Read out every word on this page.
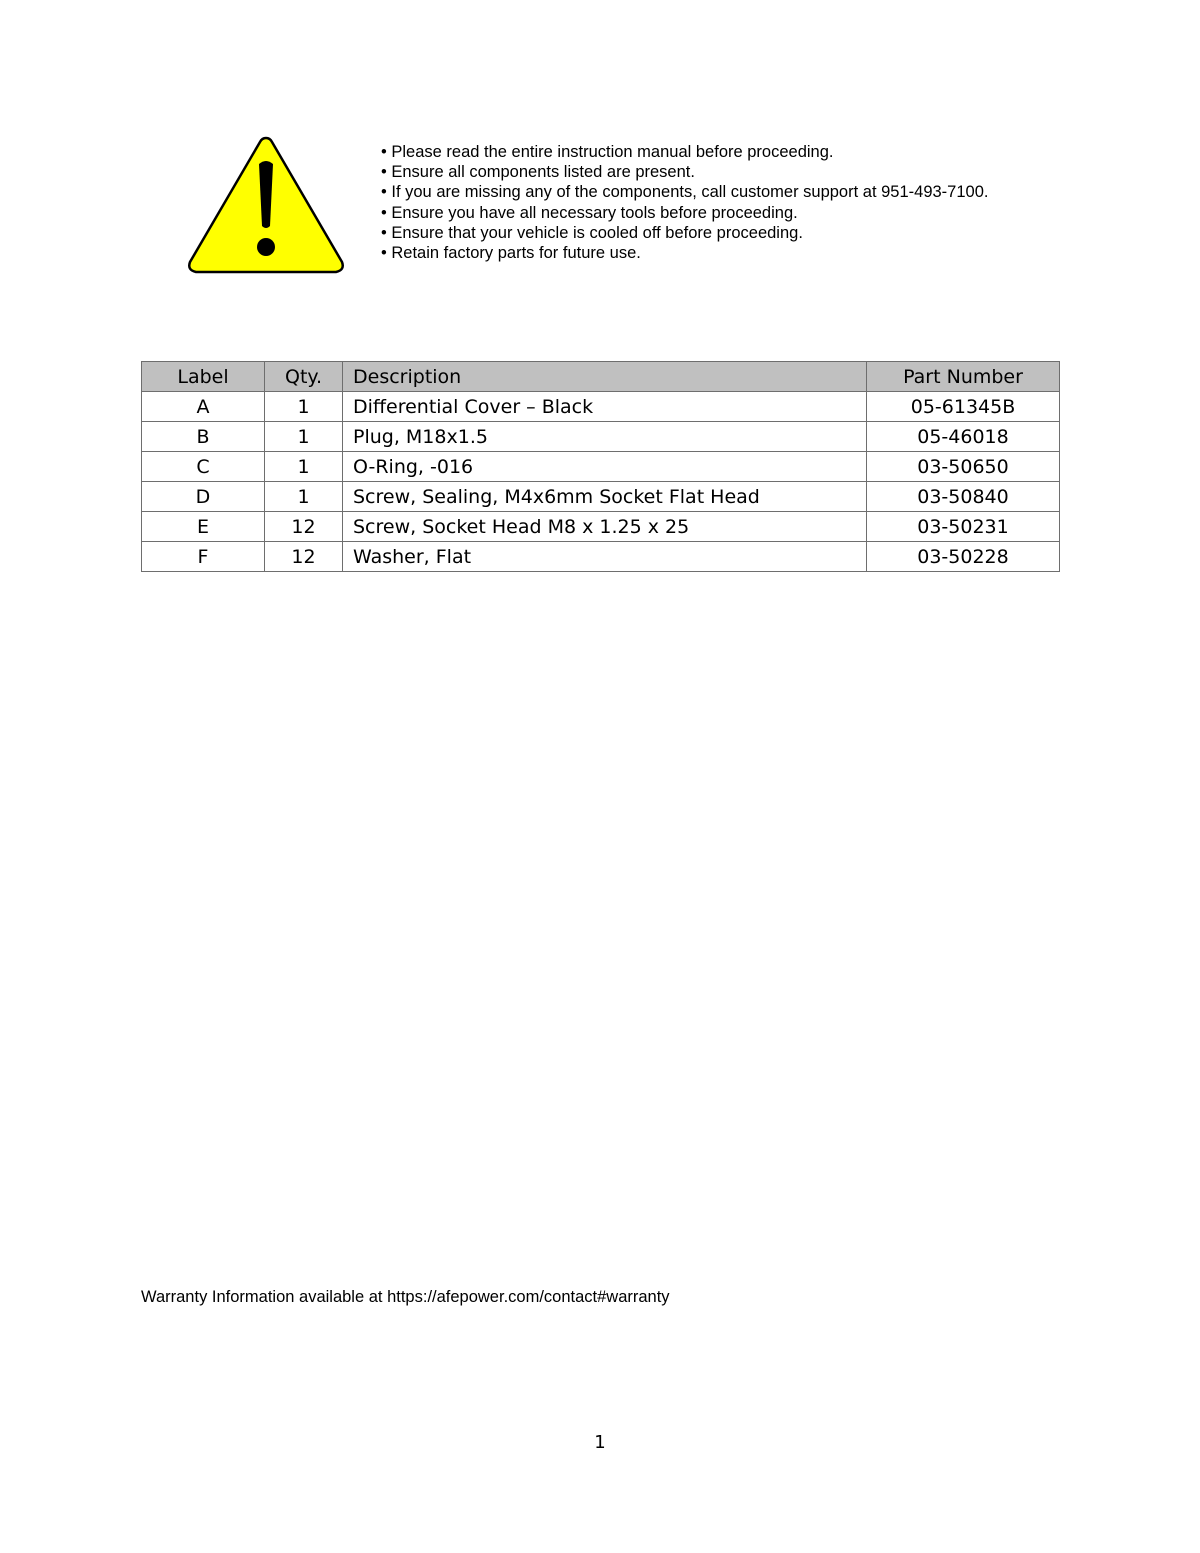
• Please read the entire instruction manual before proceeding.
• Ensure all components listed are present.
• If you are missing any of the components, call customer support at 951-493-7100.
• Ensure you have all necessary tools before proceeding.
• Ensure that your vehicle is cooled off before proceeding.
• Retain factory parts for future use.
Label	Qty.	Description	Part Number
A	1	Differential Cover – Black	05-61345B
B	1	Plug, M18x1.5	05-46018
C	1	O-Ring, -016	03-50650
D	1	Screw, Sealing, M4x6mm Socket Flat Head	03-50840
E	12	Screw, Socket Head M8 x 1.25 x 25	03-50231
F	12	Washer, Flat	03-50228
Warranty Information available at https://afepower.com/contact#warranty
1
